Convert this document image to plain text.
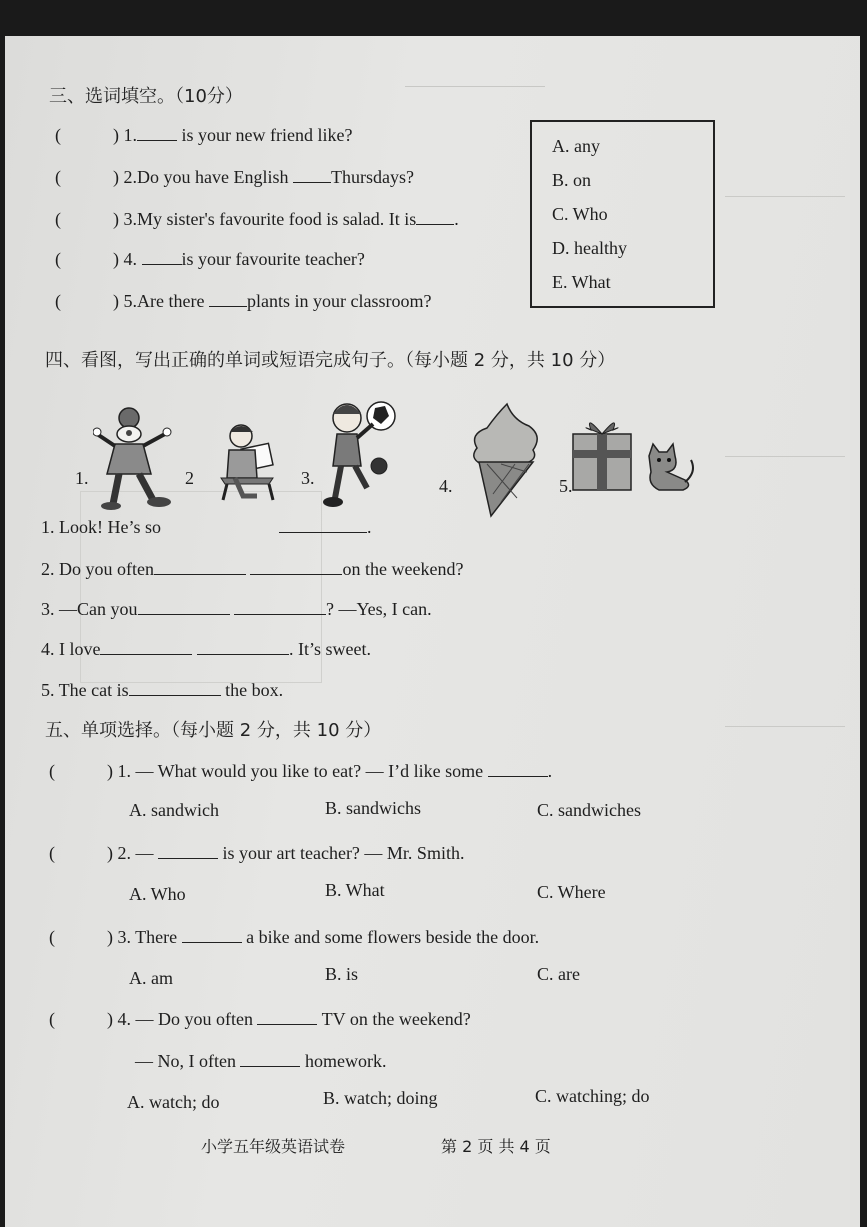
三、选词填空。（10分）
(	) 1. is your new friend like?
(	) 2.Do you have English Thursdays?
(	) 3.My sister's favourite food is salad. It is .
(	) 4. is your favourite teacher?
(	) 5.Are there plants in your classroom?
A. any
B. on
C. Who
D. healthy
E. What
四、看图，写出正确的单词或短语完成句子。（每小题 2 分，共 10 分）
1.	2	3.	4.	5.
1. Look! He’s so	.
2. Do you often	on the weekend?
3. —Can you	? —Yes, I can.
4. I love	. It’s sweet.
5. The cat is	the box.
五、单项选择。（每小题 2 分，共 10 分）
(	) 1. — What would you like to eat? — I’d like some	.
A. sandwich	B. sandwichs	C. sandwiches
(	) 2. —	is your art teacher? — Mr. Smith.
A. Who	B. What	C. Where
(	) 3. There	a bike and some flowers beside the door.
A. am	B. is	C. are
(	) 4. — Do you often	TV on the weekend?
— No, I often	homework.
A. watch; do	B. watch; doing	C. watching; do
小学五年级英语试卷	第 2 页 共 4 页
